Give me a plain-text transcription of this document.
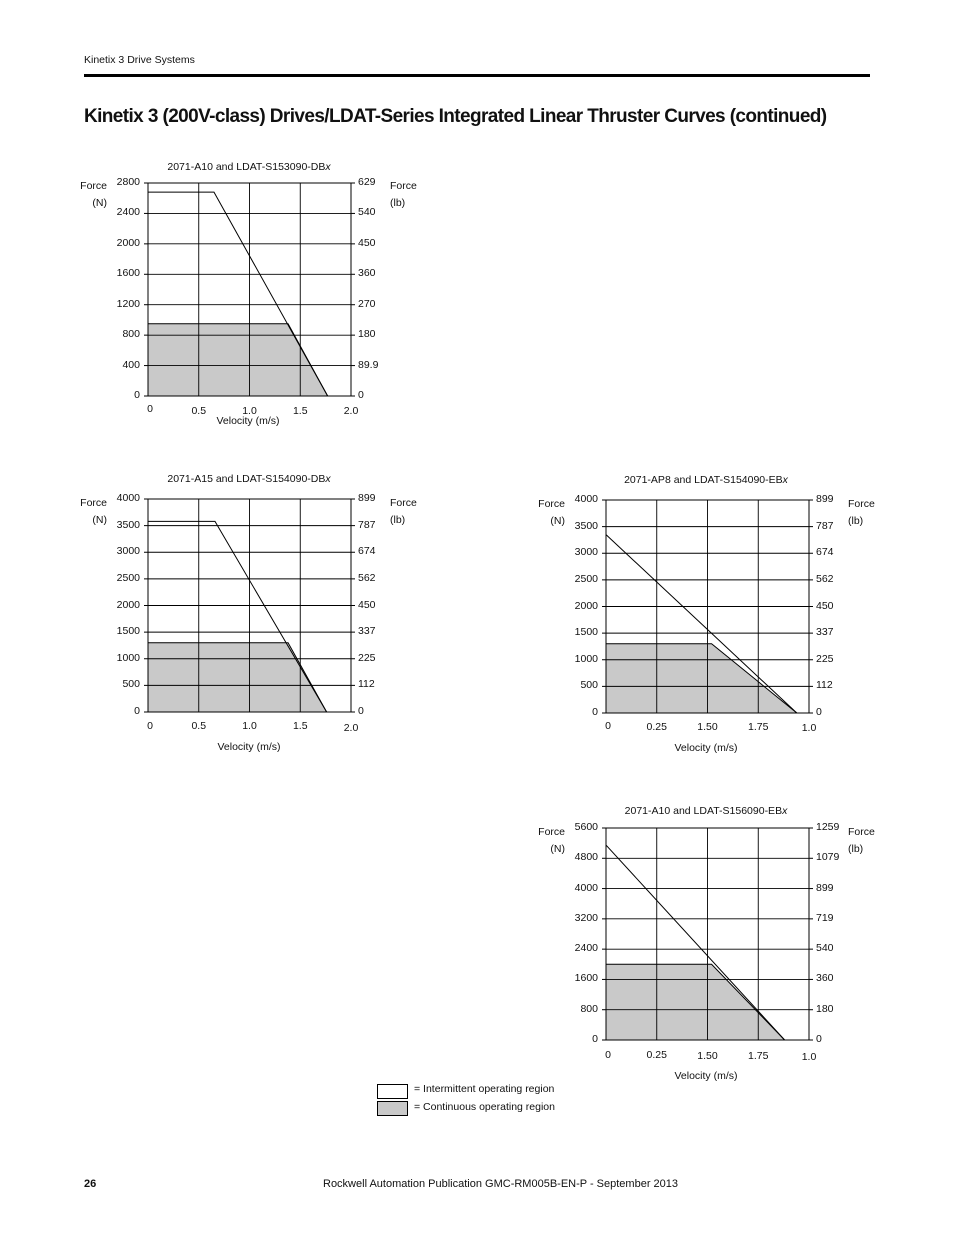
Kinetix 3 Drive Systems
Kinetix 3 (200V-class) Drives/LDAT-Series Integrated Linear Thruster Curves (continued)
2071-A10 and LDAT-S153090-DBx
Force
(N)
Force
(lb)
0
400
800
1200
1600
2000
2400
2800
0
89.9
180
270
360
450
540
629
0	0.5	1.0	1.5	2.0
Velocity (m/s)
2071-A15 and LDAT-S154090-DBx
Force
(N)
Force
(lb)
0
500
1000
1500
2000
2500
3000
3500
4000
0
112
225
337
450
562
674
787
899
0	0.5	1.0	1.5	2.0
Velocity (m/s)
2071-AP8 and LDAT-S154090-EBx
Force
(N)
Force
(lb)
0
500
1000
1500
2000
2500
3000
3500
4000
0
112
225
337
450
562
674
787
899
0	0.25	1.50	1.75	1.0
Velocity (m/s)
2071-A10 and LDAT-S156090-EBx
Force
(N)
Force
(lb)
0
800
1600
2400
3200
4000
4800
5600
0
180
360
540
719
899
1079
1259
0	0.25	1.50	1.75	1.0
Velocity (m/s)
= Intermittent operating region
= Continuous operating region
26	Rockwell Automation Publication GMC-RM005B-EN-P - September 2013
